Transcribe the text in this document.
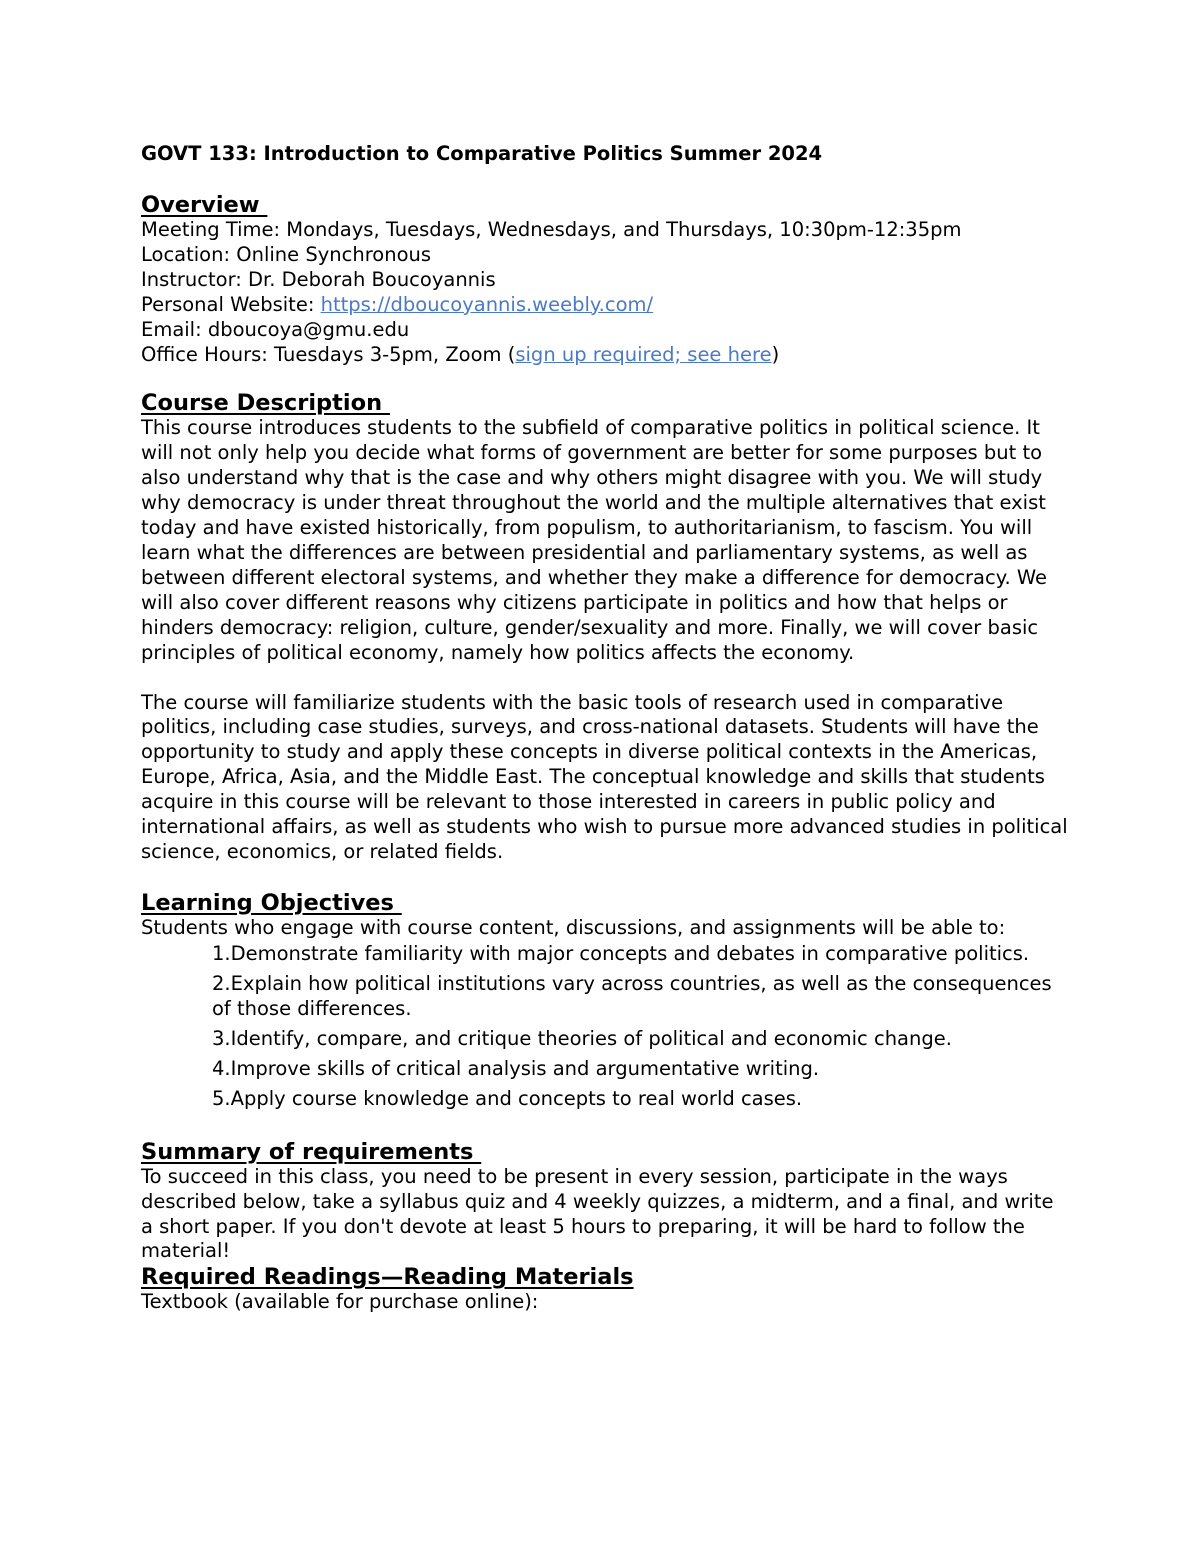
GOVT 133: Introduction to Comparative Politics Summer 2024

Overview

Meeting Time: Mondays, Tuesdays, Wednesdays, and Thursdays, 10:30pm-12:35pm

Location: Online Synchronous

Instructor: Dr. Deborah Boucoyannis

Personal Website: https://dboucoyannis.weebly.com/

Email: dboucoya@gmu.edu

Office Hours: Tuesdays 3-5pm, Zoom (sign up required; see here)

Course Description

This course introduces students to the subfield of comparative politics in political science. It will not only help you decide what forms of government are better for some purposes but to also understand why that is the case and why others might disagree with you. We will study why democracy is under threat throughout the world and the multiple alternatives that exist today and have existed historically, from populism, to authoritarianism, to fascism. You will learn what the differences are between presidential and parliamentary systems, as well as between different electoral systems, and whether they make a difference for democracy. We will also cover different reasons why citizens participate in politics and how that helps or hinders democracy: religion, culture, gender/sexuality and more. Finally, we will cover basic principles of political economy, namely how politics affects the economy.

The course will familiarize students with the basic tools of research used in comparative politics, including case studies, surveys, and cross-national datasets. Students will have the opportunity to study and apply these concepts in diverse political contexts in the Americas, Europe, Africa, Asia, and the Middle East. The conceptual knowledge and skills that students acquire in this course will be relevant to those interested in careers in public policy and international affairs, as well as students who wish to pursue more advanced studies in political science, economics, or related fields.

Learning Objectives

Students who engage with course content, discussions, and assignments will be able to:

1.Demonstrate familiarity with major concepts and debates in comparative politics.
2.Explain how political institutions vary across countries, as well as the consequences of those differences.
3.Identify, compare, and critique theories of political and economic change.
4.Improve skills of critical analysis and argumentative writing.
5.Apply course knowledge and concepts to real world cases.

Summary of requirements

To succeed in this class, you need to be present in every session, participate in the ways described below, take a syllabus quiz and 4 weekly quizzes, a midterm, and a final, and write a short paper. If you don't devote at least 5 hours to preparing, it will be hard to follow the material!

Required Readings—Reading Materials

Textbook (available for purchase online):
